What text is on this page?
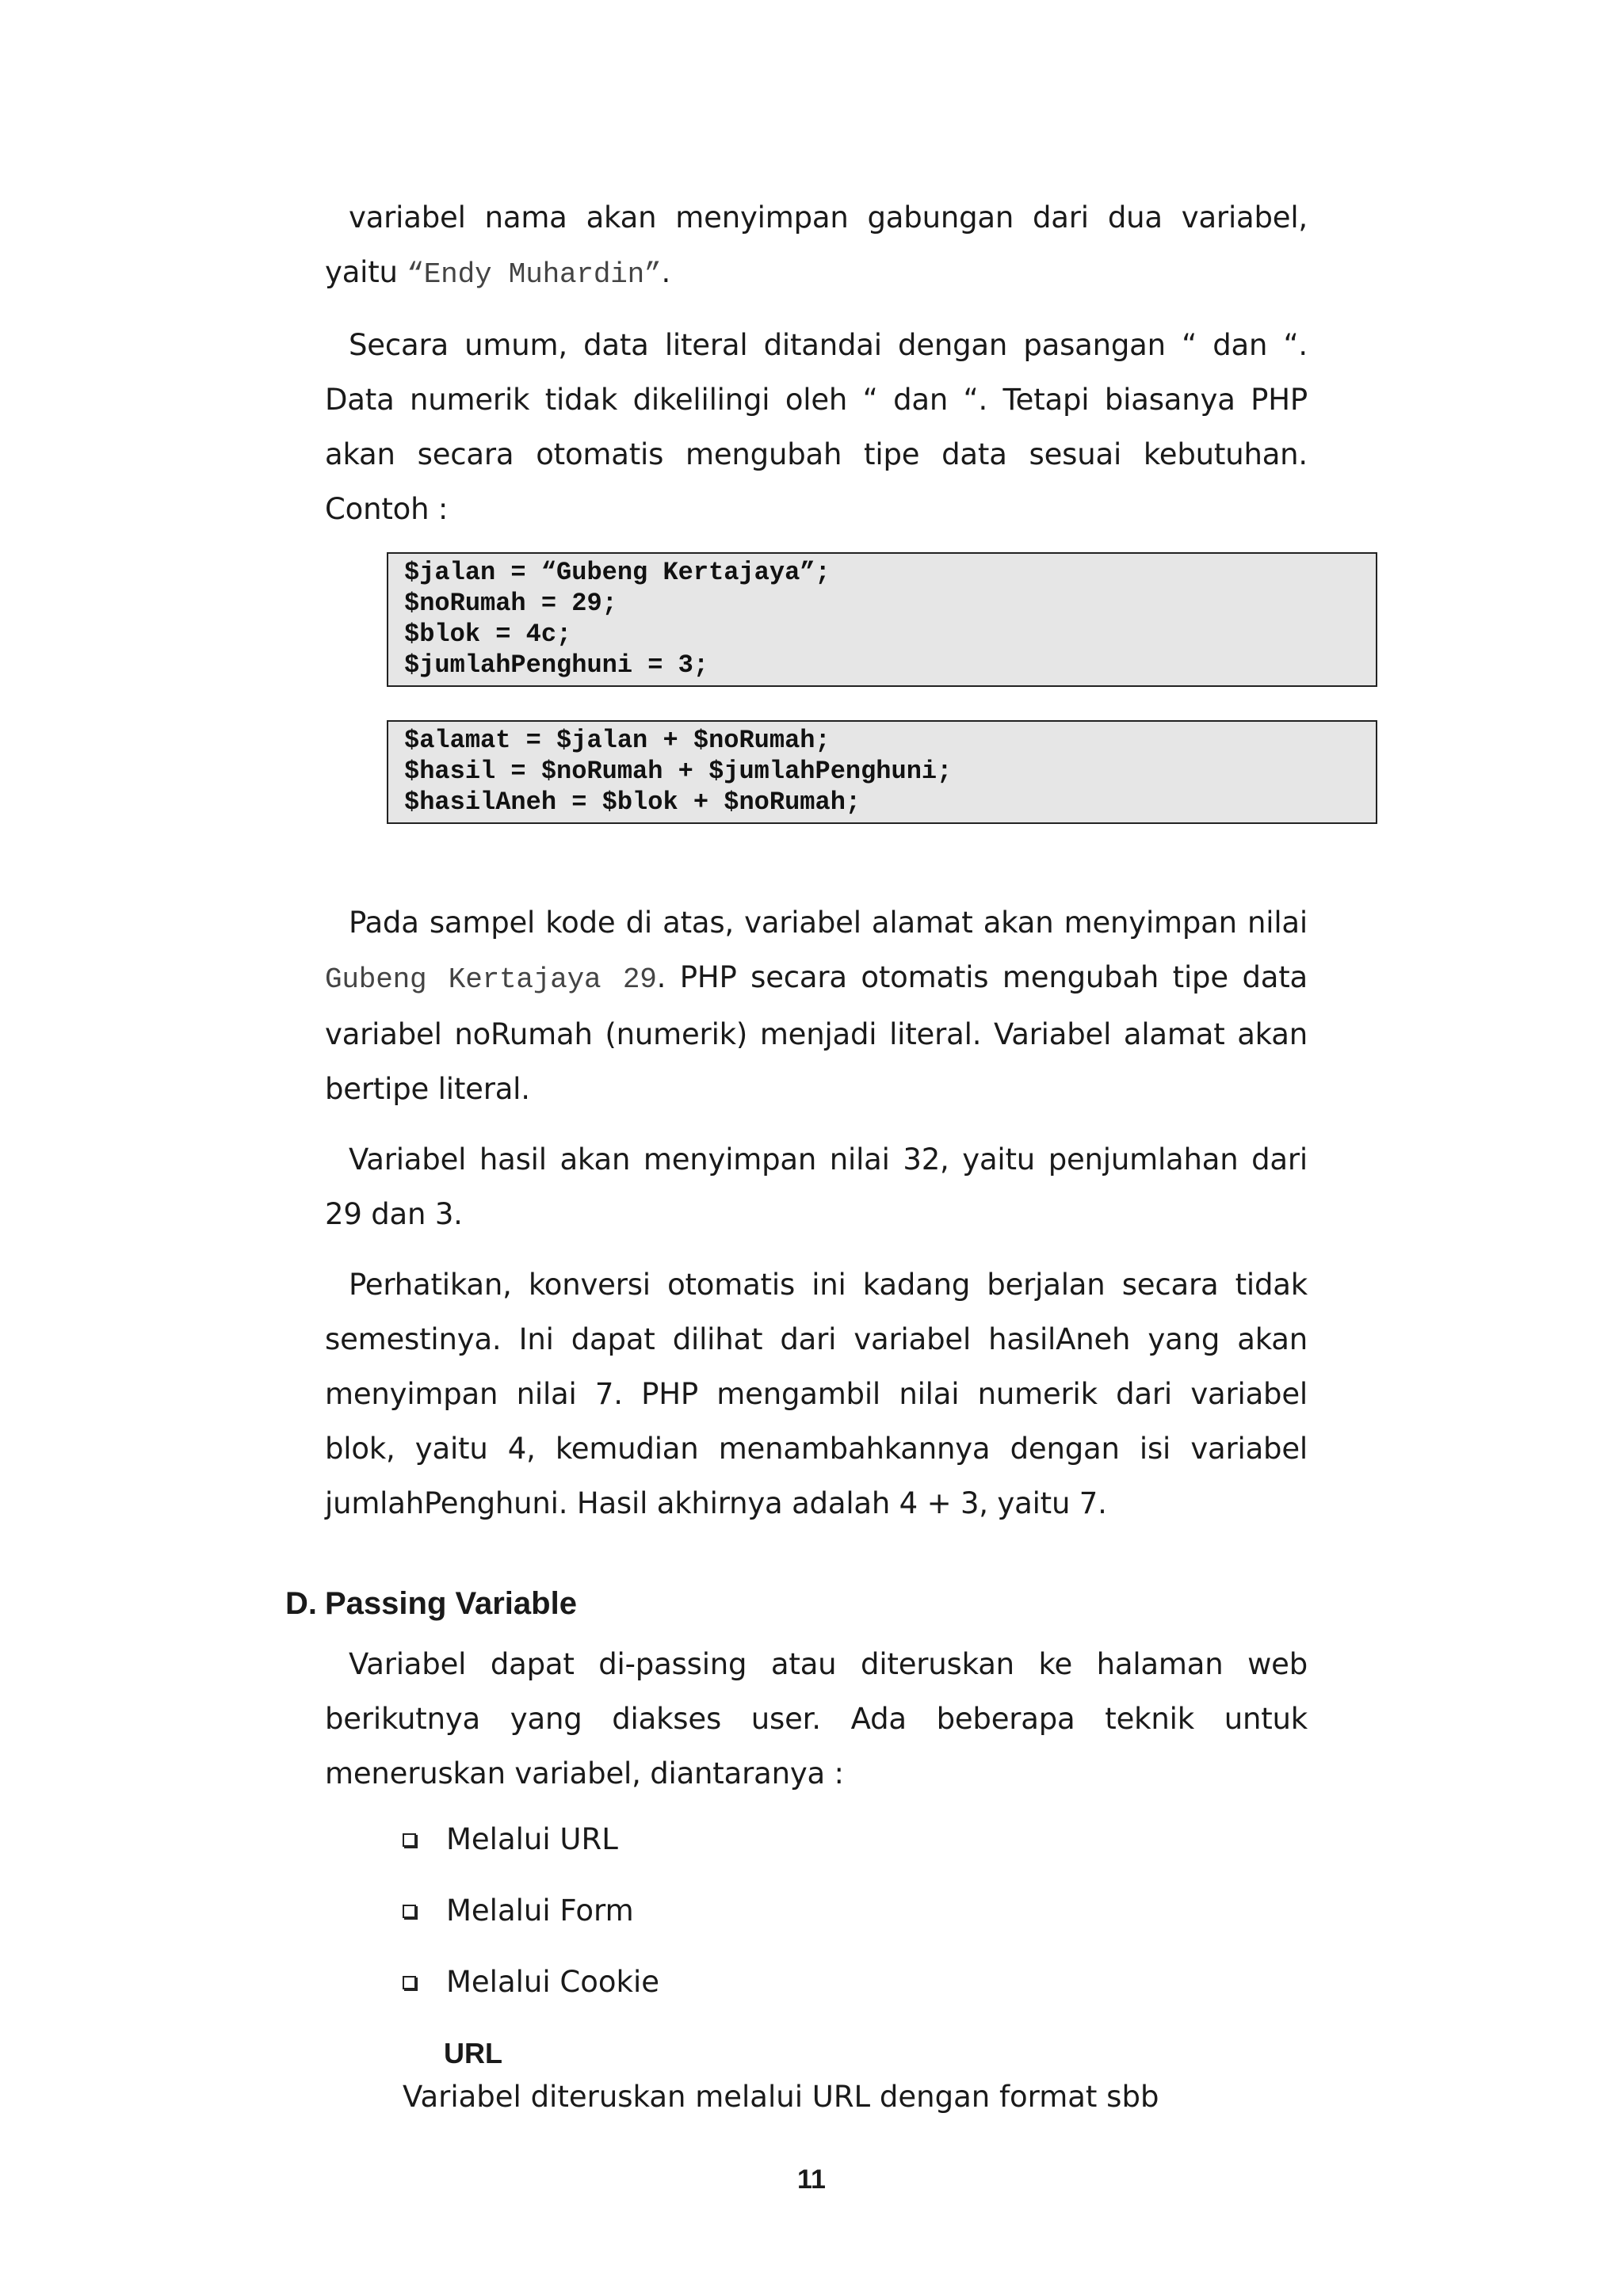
variabel nama akan menyimpan gabungan dari dua variabel, yaitu “Endy Muhardin”.

Secara umum, data literal ditandai dengan pasangan “ dan “. Data numerik tidak dikelilingi oleh “ dan “. Tetapi biasanya PHP akan secara otomatis mengubah tipe data sesuai kebutuhan. Contoh :

$jalan = “Gubeng Kertajaya”;
$noRumah = 29;
$blok = 4c;
$jumlahPenghuni = 3;
$alamat = $jalan + $noRumah;
$hasil = $noRumah + $jumlahPenghuni;
$hasilAneh = $blok + $noRumah;

Pada sampel kode di atas, variabel alamat akan menyimpan nilai Gubeng Kertajaya 29. PHP secara otomatis mengubah tipe data variabel noRumah (numerik) menjadi literal. Variabel alamat akan bertipe literal.

Variabel hasil akan menyimpan nilai 32, yaitu penjumlahan dari 29 dan 3.

Perhatikan, konversi otomatis ini kadang berjalan secara tidak semestinya. Ini dapat dilihat dari variabel hasilAneh yang akan menyimpan nilai 7. PHP mengambil nilai numerik dari variabel blok, yaitu 4, kemudian menambahkannya dengan isi variabel jumlahPenghuni. Hasil akhirnya adalah 4 + 3, yaitu 7.

D. Passing Variable

Variabel dapat di-passing atau diteruskan ke halaman web berikutnya yang diakses user. Ada beberapa teknik untuk meneruskan variabel, diantaranya :

Melalui URL
Melalui Form
Melalui Cookie
URL
Variabel diteruskan melalui URL dengan format sbb
11
